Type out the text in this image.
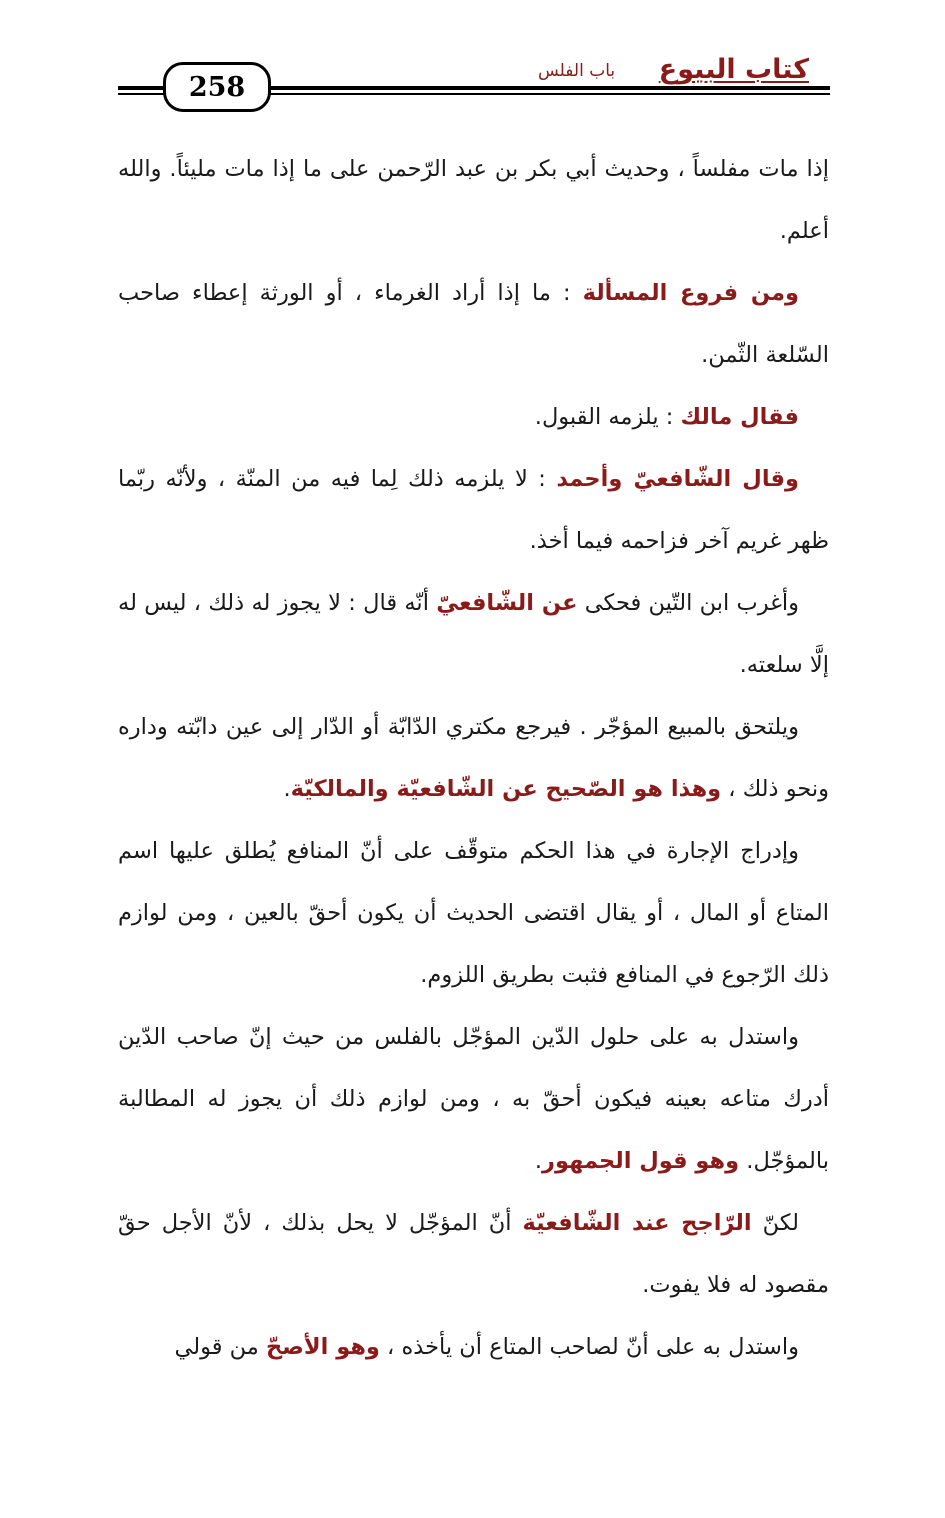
258
باب الفلس كتاب البيوع

إذا مات مفلساً ، وحديث أبي بكر بن عبد الرّحمن على ما إذا مات مليئاً. والله أعلم.

ومن فروع المسألة : ما إذا أراد الغرماء ، أو الورثة إعطاء صاحب السّلعة الثّمن.

فقال مالك : يلزمه القبول.

وقال الشّافعيّ وأحمد : لا يلزمه ذلك لِما فيه من المنّة ، ولأنّه ربّما ظهر غريم آخر فزاحمه فيما أخذ.

وأغرب ابن التّين فحكى عن الشّافعيّ أنّه قال : لا يجوز له ذلك ، ليس له إلَّا سلعته.

ويلتحق بالمبيع المؤجّر . فيرجع مكتري الدّابّة أو الدّار إلى عين دابّته وداره ونحو ذلك ، وهذا هو الصّحيح عن الشّافعيّة والمالكيّة.

وإدراج الإجارة في هذا الحكم متوقّف على أنّ المنافع يُطلق عليها اسم المتاع أو المال ، أو يقال اقتضى الحديث أن يكون أحقّ بالعين ، ومن لوازم ذلك الرّجوع في المنافع فثبت بطريق اللزوم.

واستدل به على حلول الدّين المؤجّل بالفلس من حيث إنّ صاحب الدّين أدرك متاعه بعينه فيكون أحقّ به ، ومن لوازم ذلك أن يجوز له المطالبة بالمؤجّل. وهو قول الجمهور.

لكنّ الرّاجح عند الشّافعيّة أنّ المؤجّل لا يحل بذلك ، لأنّ الأجل حقّ مقصود له فلا يفوت.

واستدل به على أنّ لصاحب المتاع أن يأخذه ، وهو الأصحّ من قولي
